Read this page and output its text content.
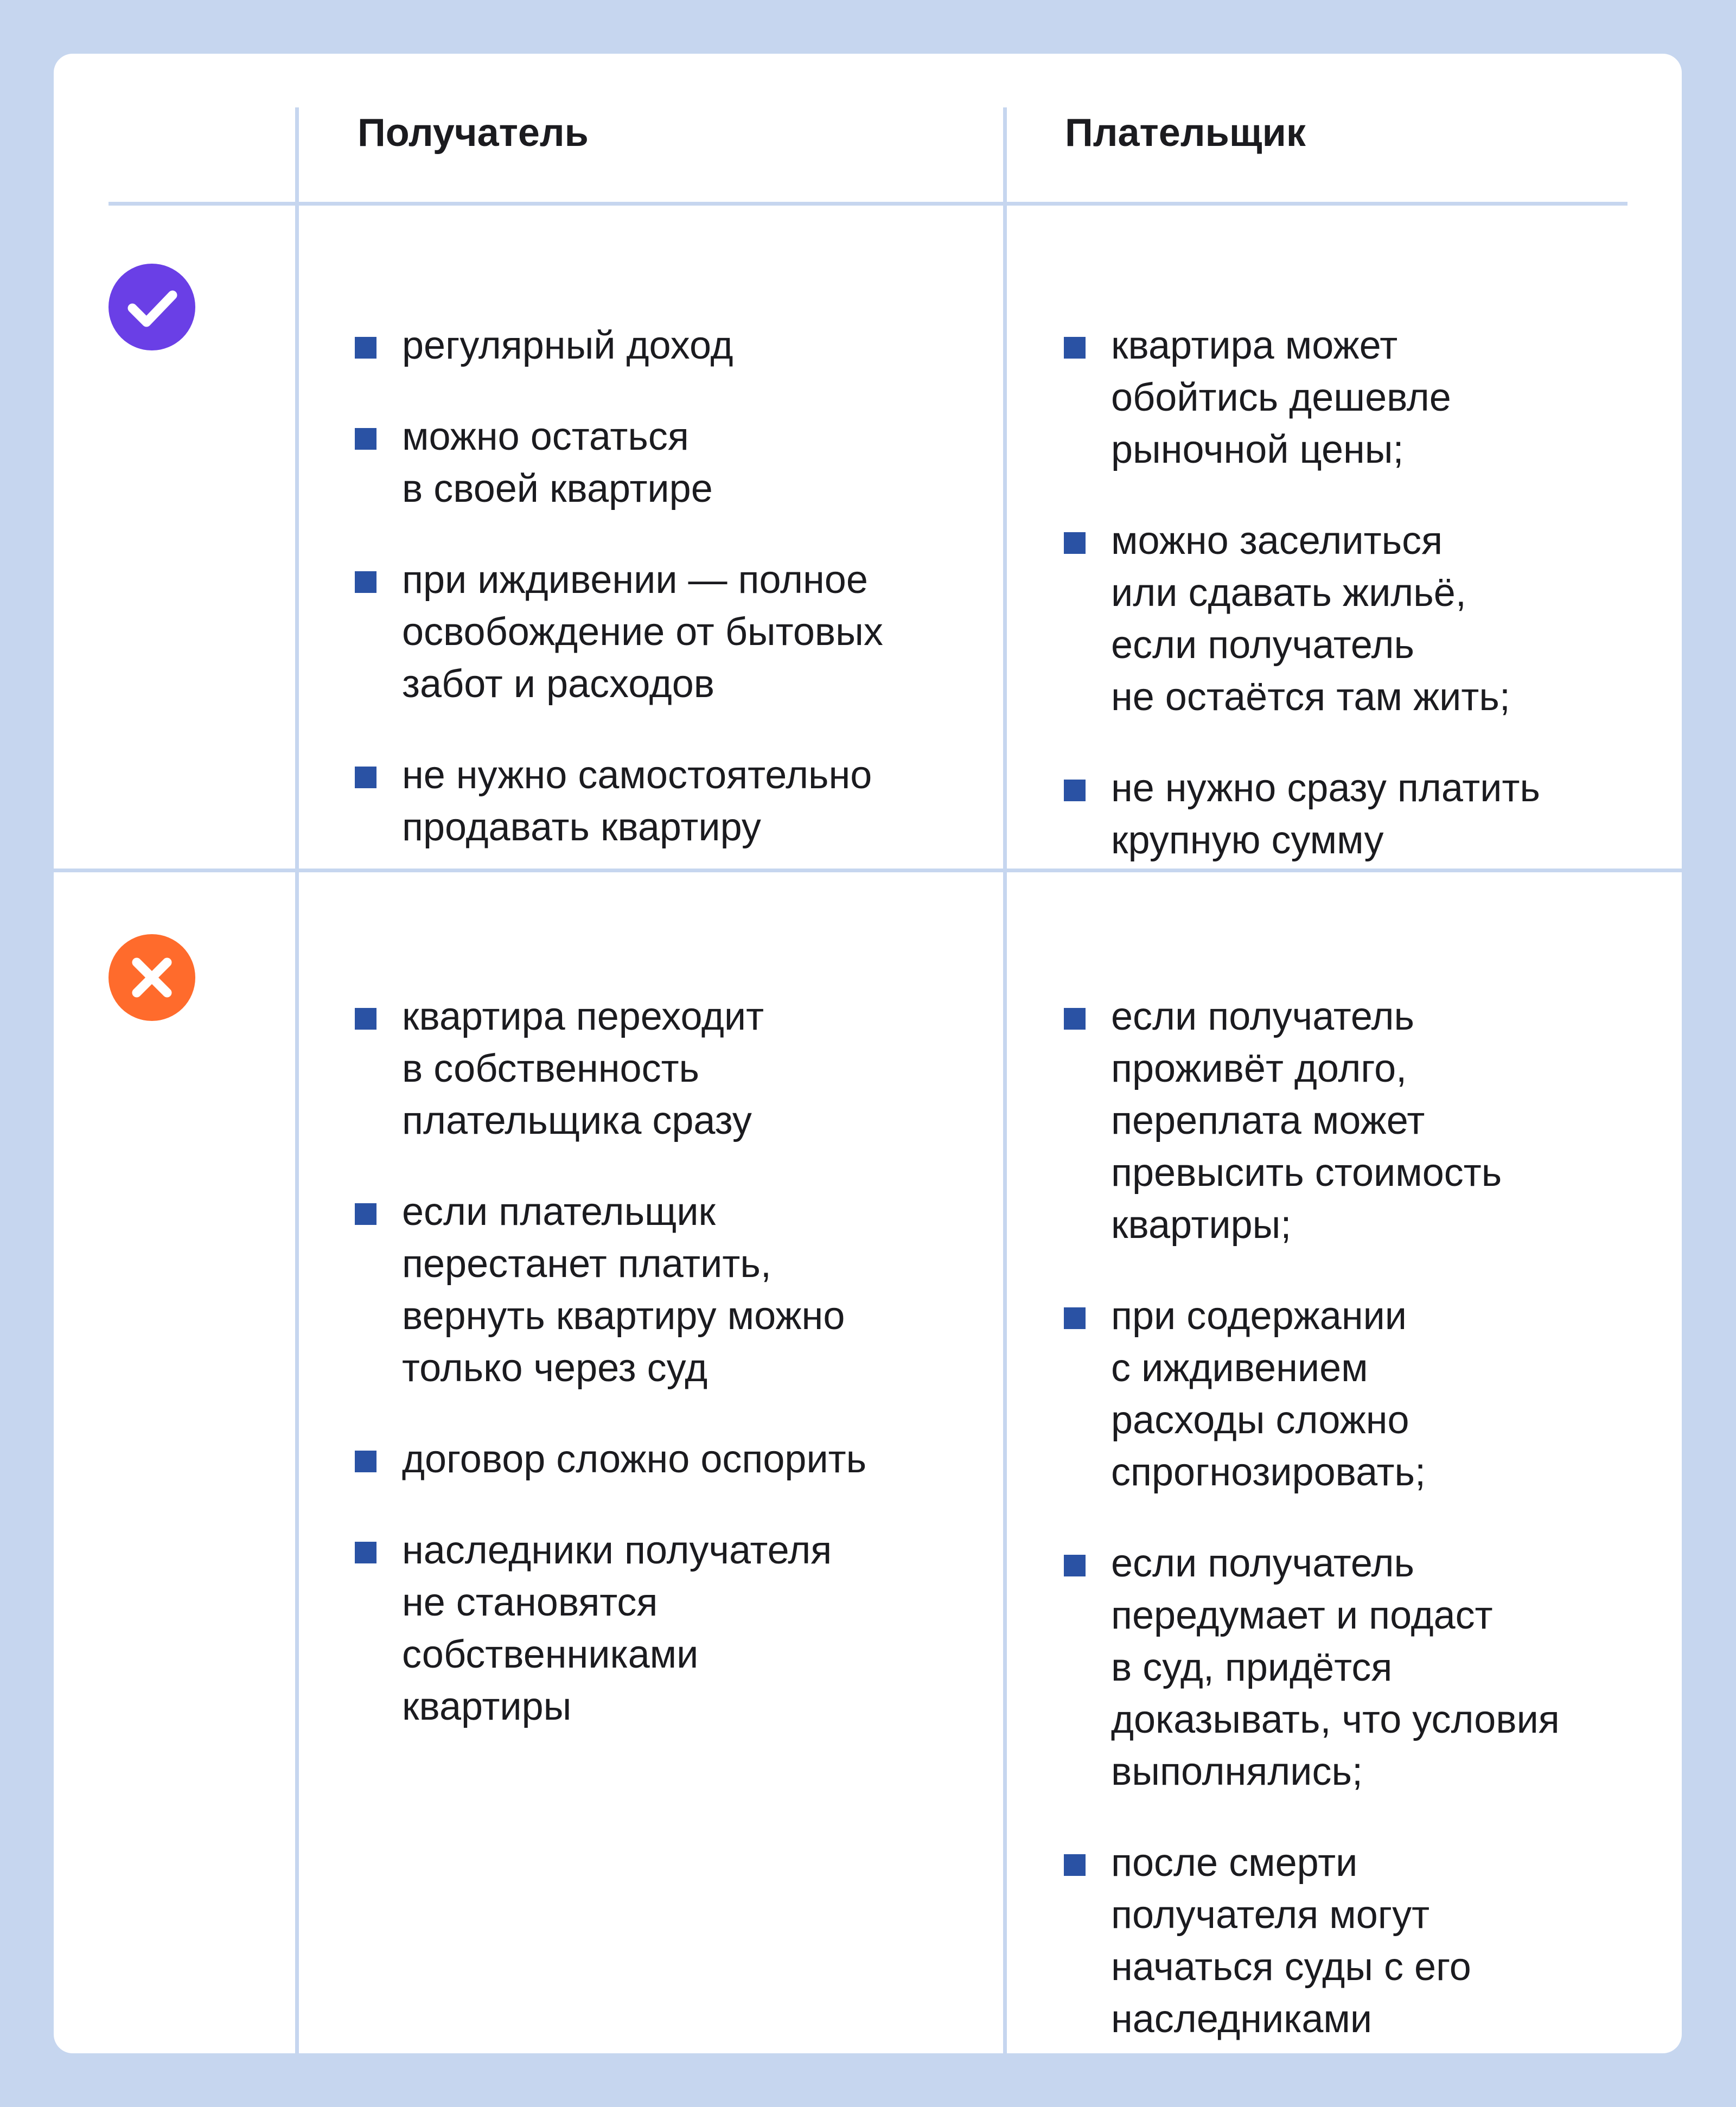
Получатель	Плательщик
регулярный доход
можно остаться
в своей квартире
при иждивении — полное
освобождение от бытовых
забот и расходов
не нужно самостоятельно
продавать квартиру
квартира может
обойтись дешевле
рыночной цены;
можно заселиться
или сдавать жильё,
если получатель
не остаётся там жить;
не нужно сразу платить
крупную сумму
квартира переходит
в собственность
плательщика сразу
если плательщик
перестанет платить,
вернуть квартиру можно
только через суд
договор сложно оспорить
наследники получателя
не становятся
собственниками
квартиры
если получатель
проживёт долго,
переплата может
превысить стоимость
квартиры;
при содержании
с иждивением
расходы сложно
спрогнозировать;
если получатель
передумает и подаст
в суд, придётся
доказывать, что условия
выполнялись;
после смерти
получателя могут
начаться суды с его
наследниками
